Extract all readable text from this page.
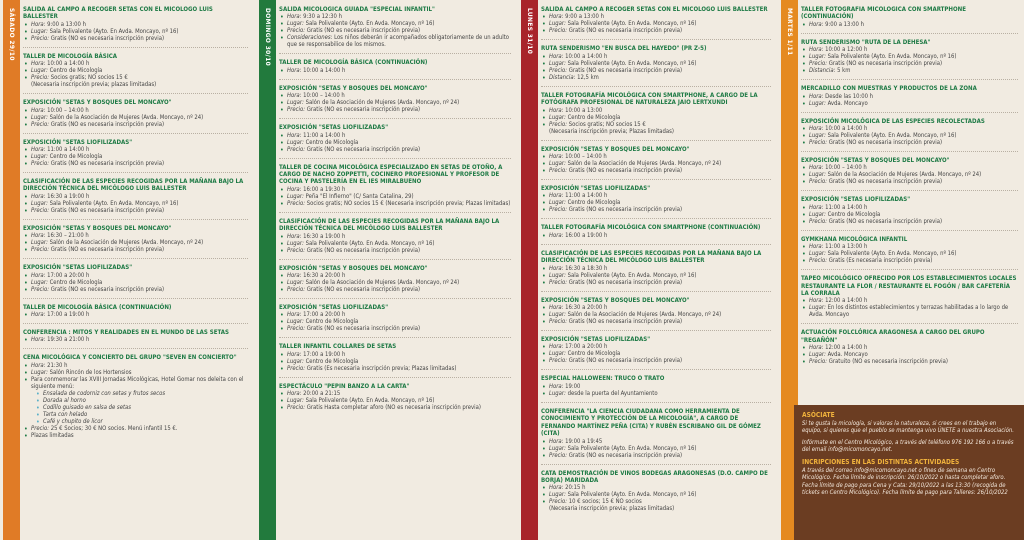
SÁBADO 29/10	DOMINGO 30/10	LUNES 31/10	MARTES 1/11
SALIDA AL CAMPO A RECOGER SETAS CON EL MICÓLOGO LUIS BALLESTER
• Hora: 9:00 a 13:00 h
• Lugar: Sala Polivalente (Ayto. En Avda. Moncayo, nº 16)
• Precio: Gratis (NO es necesaria inscripción previa)
TALLER DE MICOLOGÍA BÁSICA
• Hora: 10:00 a 14:00 h
• Lugar: Centro de Micología
• Precio: Socios gratis; NO socios 15 €
(Necesaria inscripción previa; plazas limitadas)
EXPOSICIÓN "SETAS Y BOSQUES DEL MONCAYO"
• Hora: 10:00 – 14:00 h
• Lugar: Salón de la Asociación de Mujeres (Avda. Moncayo, nº 24)
• Precio: Gratis (NO es necesaria inscripción previa)
EXPOSICIÓN "SETAS LIOFILIZADAS"
• Hora: 11:00 a 14:00 h
• Lugar: Centro de Micología
• Precio: Gratis (NO es necesaria inscripción previa)
CLASIFICACIÓN DE LAS ESPECIES RECOGIDAS POR LA MAÑANA BAJO LA DIRECCIÓN TÉCNICA DEL MICÓLOGO LUIS BALLESTER
• Hora: 16:30 a 19:00 h
• Lugar: Sala Polivalente (Ayto. En Avda. Moncayo, nº 16)
• Precio: Gratis (NO es necesaria inscripción previa)
EXPOSICIÓN "SETAS Y BOSQUES DEL MONCAYO"
• Hora: 16:30 – 21:00 h
• Lugar: Salón de la Asociación de Mujeres (Avda. Moncayo, nº 24)
• Precio: Gratis (NO es necesaria inscripción previa)
EXPOSICIÓN "SETAS LIOFILIZADAS"
• Hora: 17:00 a 20:00 h
• Lugar: Centro de Micología
• Precio: Gratis (NO es necesaria inscripción previa)
TALLER DE MICOLOGÍA BÁSICA (CONTINUACIÓN)
• Hora: 17:00 a 19:00 h
CONFERENCIA : MITOS Y REALIDADES EN EL MUNDO DE LAS SETAS
• Hora: 19:30 a 21:00 h
CENA MICOLÓGICA Y CONCIERTO DEL GRUPO "SEVEN EN CONCIERTO"
• Hora: 21:30 h
• Lugar: Salón Rincón de los Hortensios
• Para conmemorar las XVIII Jornadas Micológicas, Hotel Gomar nos deleita con el siguiente menú:
• Ensalada de codorniz con setas y frutos secos
• Dorada al horno
• Codillo guisado en salsa de setas
• Tarta con helado
• Café y chupito de licor
• Precio: 25 € Socios; 30 € NO socios. Menú infantil 15 €.
• Plazas limitadas
SALIDA MICOLÓGICA GUIADA "ESPECIAL INFANTIL"
• Hora: 9:30 a 12:30 h
• Lugar: Sala Polivalente (Ayto. En Avda. Moncayo, nº 16)
• Precio: Gratis (NO es necesaria inscripción previa)
• Consideraciones: Los niños deberán ir acompañados obligatoriamente de un adulto que se responsabilice de los mismos.
TALLER DE MICOLOGÍA BÁSICA (CONTINUACIÓN)
• Hora: 10:00 a 14:00 h
EXPOSICIÓN "SETAS Y BOSQUES DEL MONCAYO"
• Hora: 10:00 – 14:00 h
• Lugar: Salón de la Asociación de Mujeres (Avda. Moncayo, nº 24)
• Precio: Gratis (NO es necesaria inscripción previa)
EXPOSICIÓN "SETAS LIOFILIZADAS"
• Hora: 11:00 a 14:00 h
• Lugar: Centro de Micología
• Precio: Gratis (NO es necesaria inscripción previa)
TALLER DE COCINA MICOLÓGICA ESPECIALIZADO EN SETAS DE OTOÑO, A CARGO DE NACHO ZOPPETTI, COCINERO PROFESIONAL Y PROFESOR DE COCINA Y PASTELERÍA EN EL IES MIRALBUENO
• Hora: 16:00 a 19:30 h
• Lugar: Peña "El Infierno" (C/ Santa Catalina, 29)
• Precio: Socios gratis; NO socios 15 € (Necesaria inscripción previa; Plazas limitadas)
CLASIFICACIÓN DE LAS ESPECIES RECOGIDAS POR LA MAÑANA BAJO LA DIRECCIÓN TÉCNICA DEL MICÓLOGO LUIS BALLESTER
• Hora: 16:30 a 19:00 h
• Lugar: Sala Polivalente (Ayto. En Avda. Moncayo, nº 16)
• Precio: Gratis (NO es necesaria inscripción previa)
EXPOSICIÓN "SETAS Y BOSQUES DEL MONCAYO"
• Hora: 16:30 a 20:00 h
• Lugar: Salón de la Asociación de Mujeres (Avda. Moncayo, nº 24)
• Precio: Gratis (NO es necesaria inscripción previa)
EXPOSICIÓN "SETAS LIOFILIZADAS"
• Hora: 17:00 a 20:00 h
• Lugar: Centro de Micología
• Precio: Gratis (NO es necesaria inscripción previa)
TALLER INFANTIL COLLARES DE SETAS
• Hora: 17:00 a 19:00 h
• Lugar: Centro de Micología
• Precio: Gratis (Es necesaria inscripción previa; Plazas limitadas)
ESPECTÁCULO "PEPIN BANZO A LA CARTA"
• Hora: 20:00 a 21:15
• Lugar: Sala Polivalente (Ayto. En Avda. Moncayo, nº 16)
• Precio: Gratis Hasta completar aforo (NO es necesaria inscripción previa)
SALIDA AL CAMPO A RECOGER SETAS CON EL MICÓLOGO LUIS BALLESTER
• Hora: 9:00 a 13:00 h
• Lugar: Sala Polivalente (Ayto. En Avda. Moncayo, nº 16)
• Precio: Gratis (NO es necesaria inscripción previa)
RUTA SENDERISMO "EN BUSCA DEL HAYEDO" (PR Z-5)
• Hora: 10:00 a 14:00 h
• Lugar: Sala Polivalente (Ayto. En Avda. Moncayo, nº 16)
• Precio: Gratis (NO es necesaria inscripción previa)
• Distancia: 12,5 km
TALLER FOTOGRAFÍA MICOLÓGICA CON SMARTPHONE, A CARGO DE LA FOTÓGRAFA PROFESIONAL DE NATURALEZA JAIO LERTXUNDI
• Hora: 10:00 a 13:00
• Lugar: Centro de Micología
• Precio: Socios gratis; NO socios 15 €
(Necesaria inscripción previa; Plazas limitadas)
EXPOSICIÓN "SETAS Y BOSQUES DEL MONCAYO"
• Hora: 10:00 – 14:00 h
• Lugar: Salón de la Asociación de Mujeres (Avda. Moncayo, nº 24)
• Precio: Gratis (NO es necesaria inscripción previa)
EXPOSICIÓN "SETAS LIOFILIZADAS"
• Hora: 11:00 a 14:00 h
• Lugar: Centro de Micología
• Precio: Gratis (NO es necesaria inscripción previa)
TALLER FOTOGRAFÍA MICOLÓGICA CON SMARTPHONE (CONTINUACIÓN)
• Hora: 16:00 a 19:00 h
CLASIFICACIÓN DE LAS ESPECIES RECOGIDAS POR LA MAÑANA BAJO LA DIRECCIÓN TÉCNICA DEL MICÓLOGO LUIS BALLESTER
• Hora: 16:30 a 18:30 h
• Lugar: Sala Polivalente (Ayto. En Avda. Moncayo, nº 16)
• Precio: Gratis (NO es necesaria inscripción previa)
EXPOSICIÓN "SETAS Y BOSQUES DEL MONCAYO"
• Hora: 16:30 a 20:00 h
• Lugar: Salón de la Asociación de Mujeres (Avda. Moncayo, nº 24)
• Precio: Gratis (NO es necesaria inscripción previa)
EXPOSICIÓN "SETAS LIOFILIZADAS"
• Hora: 17:00 a 20:00 h
• Lugar: Centro de Micología
• Precio: Gratis (NO es necesaria inscripción previa)
ESPECIAL HALLOWEEN: TRUCO O TRATO
• Hora: 19:00
• Lugar: desde la puerta del Ayuntamiento
CONFERENCIA "LA CIENCIA CIUDADANA COMO HERRAMIENTA DE CONOCIMIENTO Y PROTECCIÓN DE LA MICOLOGÍA", A CARGO DE FERNANDO MARTÍNEZ PEÑA (CITA) Y RUBÉN ESCRIBANO GIL DE GÓMEZ (CITA)
• Hora: 19:00 a 19:45
• Lugar: Sala Polivalente (Ayto. En Avda. Moncayo, nº 16)
• Precio: Gratis (NO es necesaria inscripción previa)
CATA DEMOSTRACIÓN DE VINOS BODEGAS ARAGONESAS (D.O. CAMPO DE BORJA) MARIDADA
• Hora: 20:15 h
• Lugar: Sala Polivalente (Ayto. En Avda. Moncayo, nº 16)
• Precio: 10 € socios; 15 € NO socios
(Necesaria inscripción previa; plazas limitadas)
TALLER FOTOGRAFÍA MICOLÓGICA CON SMARTPHONE (CONTINUACIÓN)
• Hora: 9:00 a 13:00 h
RUTA SENDERISMO "RUTA DE LA DEHESA"
• Hora: 10:00 a 12:00 h
• Lugar: Sala Polivalente (Ayto. En Avda. Moncayo, nº 16)
• Precio: Gratis (NO es necesaria inscripción previa)
• Distancia: 5 km
MERCADILLO CON MUESTRAS Y PRODUCTOS DE LA ZONA
• Hora: Desde las 10:00 h
• Lugar: Avda. Moncayo
EXPOSICIÓN MICOLÓGICA DE LAS ESPECIES RECOLECTADAS
• Hora: 10:00 a 14:00 h
• Lugar: Sala Polivalente (Ayto. En Avda. Moncayo, nº 16)
• Precio: Gratis (NO es necesaria inscripción previa)
EXPOSICIÓN "SETAS Y BOSQUES DEL MONCAYO"
• Hora: 10:00 – 14:00 h
• Lugar: Salón de la Asociación de Mujeres (Avda. Moncayo, nº 24)
• Precio: Gratis (NO es necesaria inscripción previa)
EXPOSICIÓN "SETAS LIOFILIZADAS"
• Hora: 11:00 a 14:00 h
• Lugar: Centro de Micología
• Precio: Gratis (NO es necesaria inscripción previa)
GYMKHANA MICOLÓGICA INFANTIL
• Hora: 11:00 a 13:00 h
• Lugar: Sala Polivalente (Ayto. En Avda. Moncayo, nº 16)
• Precio: Gratis (Es necesaria inscripción previa)
TAPEO MICOLÓGICO OFRECIDO POR LOS ESTABLECIMIENTOS LOCALES RESTAURANTE LA FLOR / RESTAURANTE EL FOGÓN / BAR CAFETERÍA LA CORRALA
• Hora: 12:00 a 14:00 h
• Lugar: En los distintos establecimientos y terrazas habilitadas a lo largo de Avda. Moncayo
ACTUACIÓN FOLCLÓRICA ARAGONESA A CARGO DEL GRUPO "REGAÑÓN"
• Hora: 12:00 a 14:00 h
• Lugar: Avda. Moncayo
• Precio: Gratuito (NO es necesaria inscripción previa)
ASÓCIATE

Si te gusta la micología, si valoras la naturaleza, si crees en el trabajo en equipo, si quieres que el pueblo se mantenga vivo ÚNETE a nuestra Asociación.

Infórmate en el Centro Micológico, a través del teléfono 976 192 166 o a través del email info@micomoncayo.net.

INCRIPCIONES EN LAS DISTINTAS ACTIVIDADES

A través del correo info@micomoncayo.net o fines de semana en Centro Micológico. Fecha límite de inscripción: 26/10/2022 o hasta completar aforo. Fecha límite de pago para Cena y Cata: 29/10/2022 a las 13:30 (recogida de tickets en Centro Micológico). Fecha límite de pago para Talleres: 26/10/2022
